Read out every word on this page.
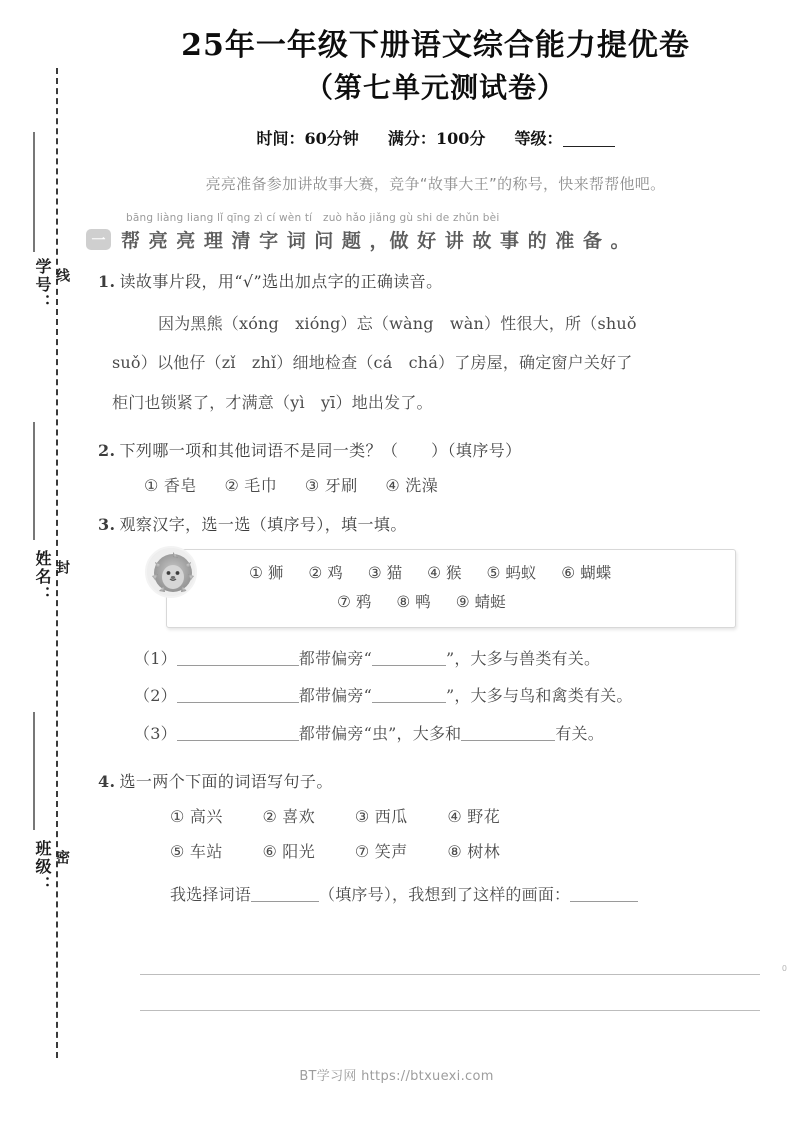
学号： 线
姓名： 封
班级： 密
25年一年级下册语文综合能力提优卷
（第七单元测试卷）
时间：60分钟 满分：100分 等级：
亮亮准备参加讲故事大赛，竞争“故事大王”的称号，快来帮帮他吧。
bāng liàng liang lǐ qīng zì cí wèn tí　zuò hǎo jiǎng gù shi de zhǔn bèi
一 帮 亮 亮 理 清 字 词 问 题 ，做 好 讲 故 事 的 准 备 。
1. 读故事片段，用“√”选出加点字的正确读音。
因为黑熊（xóng　xióng）忘（wàng　wàn）性很大，所（shuǒ
suǒ）以他仔（zǐ　zhǐ）细地检查（cá　chá）了房屋，确定窗户关好了
柜门也锁紧了，才满意（yì　yī）地出发了。
2. 下列哪一项和其他词语不是同一类？（　　）（填序号）
① 香皂 ② 毛巾 ③ 牙刷 ④ 洗澡
3. 观察汉字，选一选（填序号），填一填。
① 狮 ② 鸡 ③ 猫 ④ 猴 ⑤ 蚂蚁 ⑥ 蝴蝶
⑦ 鸦 ⑧ 鸭 ⑨ 蜻蜓
（1）	都带偏旁“	”，大多与兽类有关。
（2）	都带偏旁“	”，大多与鸟和禽类有关。
（3）	都带偏旁“虫”，大多和	有关。
4. 选一两个下面的词语写句子。
① 高兴 ② 喜欢 ③ 西瓜 ④ 野花
⑤ 车站 ⑥ 阳光 ⑦ 笑声 ⑧ 树林
我选择词语	（填序号），我想到了这样的画面：
0
BT学习网 https://btxuexi.com
